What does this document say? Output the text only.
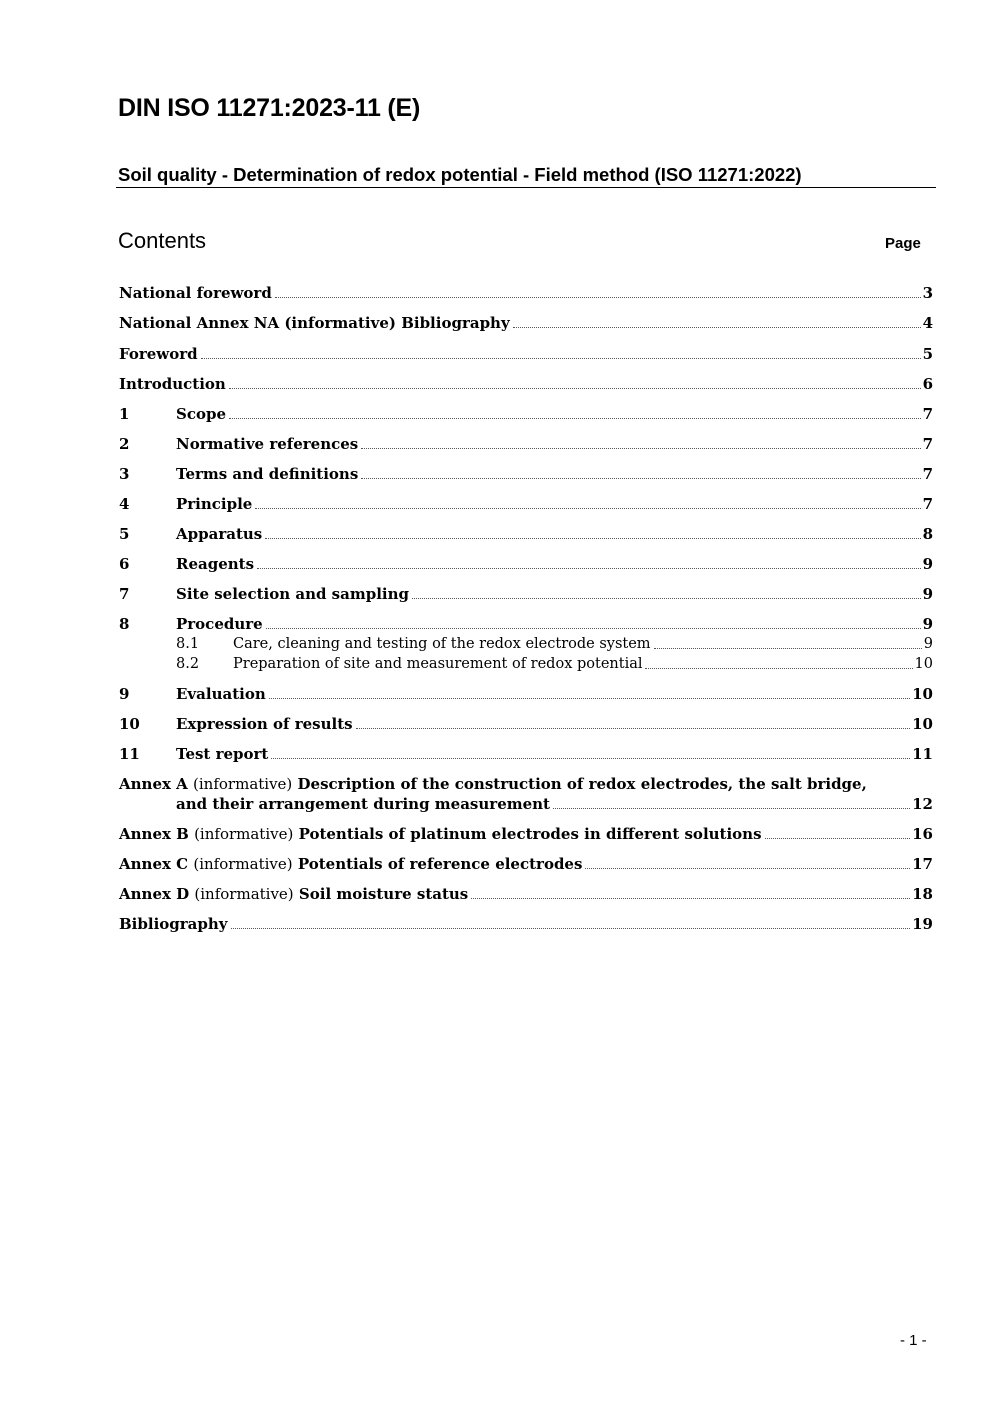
DIN ISO 11271:2023-11 (E)
Soil quality - Determination of redox potential - Field method (ISO 11271:2022)
Contents	Page
National foreword	3
National Annex NA (informative) Bibliography	4
Foreword	5
Introduction	6
1	Scope	7
2	Normative references	7
3	Terms and definitions	7
4	Principle	7
5	Apparatus	8
6	Reagents	9
7	Site selection and sampling	9
8	Procedure	9
8.1	Care, cleaning and testing of the redox electrode system	9
8.2	Preparation of site and measurement of redox potential	10
9	Evaluation	10
10	Expression of results	10
11	Test report	11
Annex A (informative) Description of the construction of redox electrodes, the salt bridge,
and their arrangement during measurement	12
Annex B (informative) Potentials of platinum electrodes in different solutions	16
Annex C (informative) Potentials of reference electrodes	17
Annex D (informative) Soil moisture status	18
Bibliography	19
- 1 -
